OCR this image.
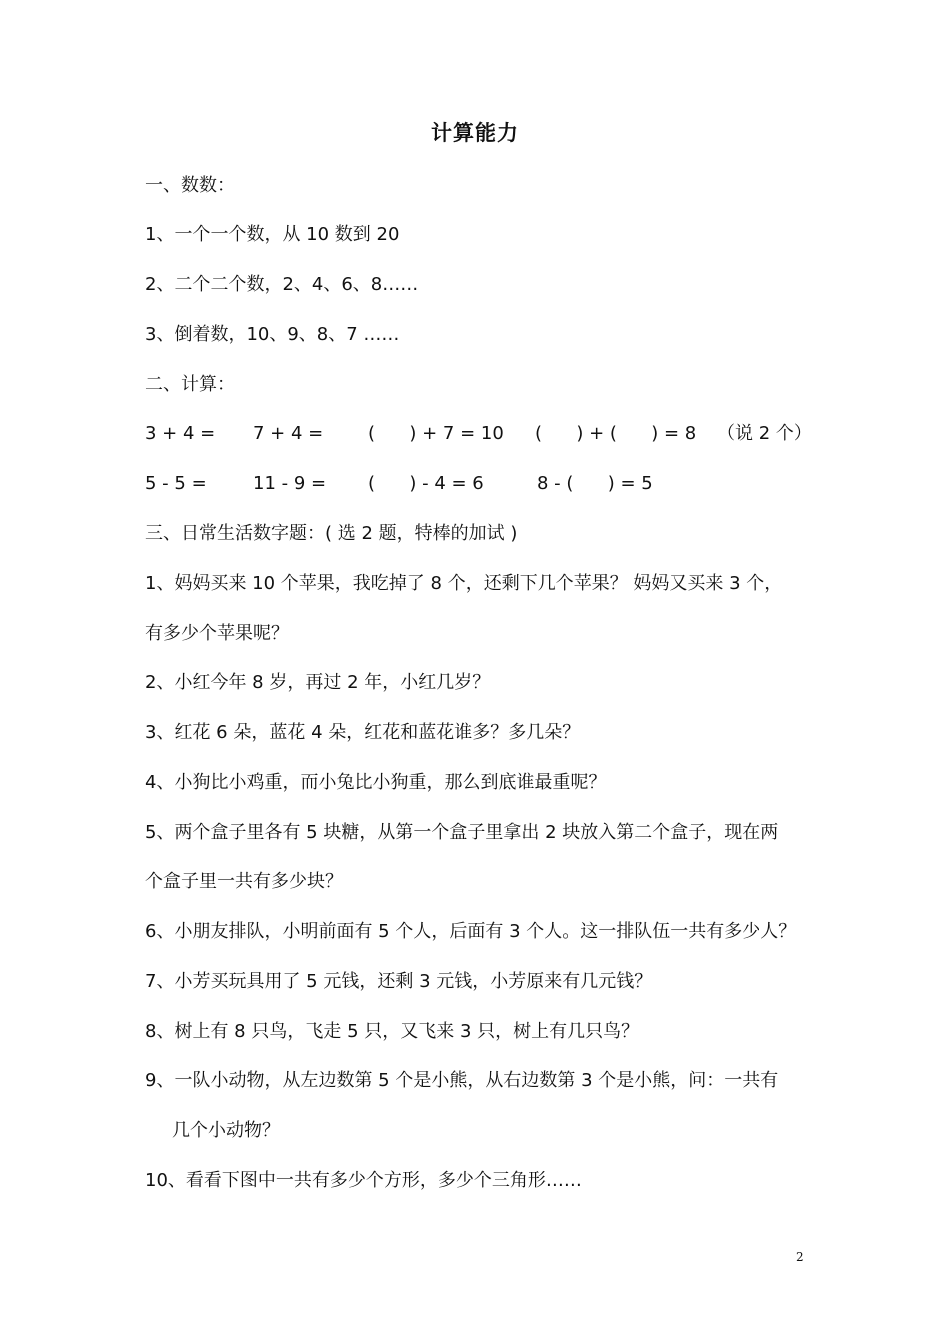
计算能力
一、数数：
1、一个一个数，从 10 数到 20
2、二个二个数，2、4、6、8……
3、倒着数，10、9、8、7 ……
二、计算：
3 + 4 = 7 + 4 = (      ) + 7 = 10 (      ) + (      ) = 8 （说 2 个）
5 - 5 =	11 - 9 = (      ) - 4 = 6	8 - (      ) = 5
三、日常生活数字题：( 选 2 题，特棒的加试 )
1、妈妈买来 10 个苹果，我吃掉了 8 个，还剩下几个苹果？ 妈妈又买来 3 个，
有多少个苹果呢？
2、小红今年 8 岁，再过 2 年，小红几岁？
3、红花 6 朵，蓝花 4 朵，红花和蓝花谁多？多几朵？
4、小狗比小鸡重，而小兔比小狗重，那么到底谁最重呢？
5、两个盒子里各有 5 块糖，从第一个盒子里拿出 2 块放入第二个盒子，现在两
个盒子里一共有多少块？
6、小朋友排队，小明前面有 5 个人，后面有 3 个人。这一排队伍一共有多少人？
7、小芳买玩具用了 5 元钱，还剩 3 元钱，小芳原来有几元钱？
8、树上有 8 只鸟，飞走 5 只，又飞来 3 只，树上有几只鸟？
9、一队小动物，从左边数第 5 个是小熊，从右边数第 3 个是小熊，问：一共有
几个小动物？
10、看看下图中一共有多少个方形，多少个三角形……
2
